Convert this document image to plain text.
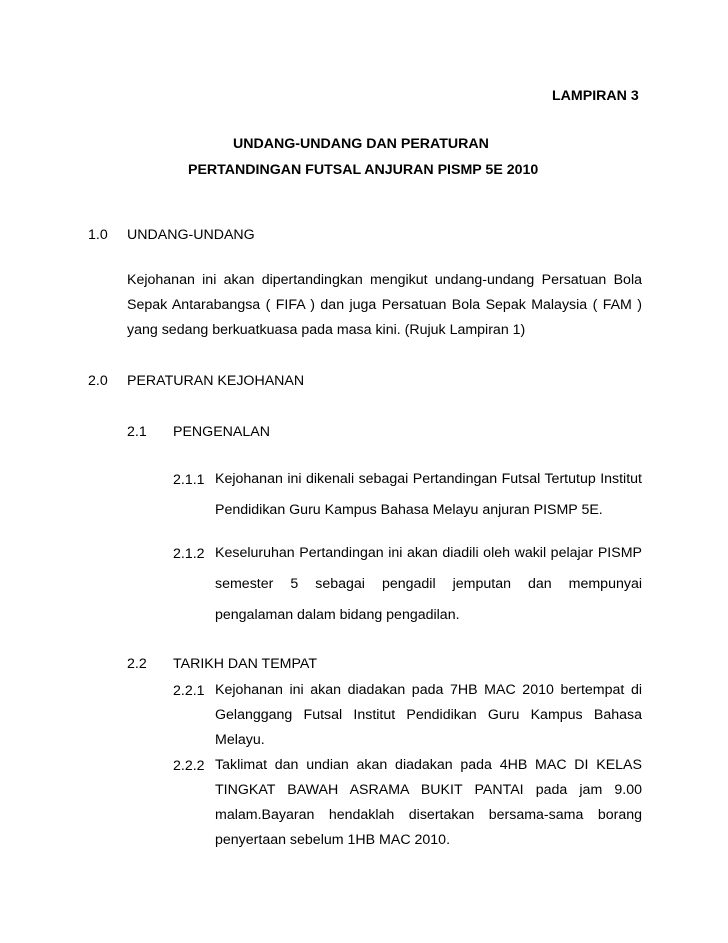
LAMPIRAN 3
UNDANG-UNDANG DAN PERATURAN
PERTANDINGAN FUTSAL ANJURAN PISMP 5E 2010
1.0 UNDANG-UNDANG
Kejohanan ini akan dipertandingkan mengikut undang-undang Persatuan Bola
Sepak Antarabangsa ( FIFA ) dan juga Persatuan Bola Sepak Malaysia ( FAM )
yang sedang berkuatkuasa pada masa kini. (Rujuk Lampiran 1)
2.0 PERATURAN KEJOHANAN
2.1 PENGENALAN
2.1.1 Kejohanan ini dikenali sebagai Pertandingan Futsal Tertutup Institut
Pendidikan Guru Kampus Bahasa Melayu anjuran PISMP 5E.
2.1.2 Keseluruhan Pertandingan ini akan diadili oleh wakil pelajar PISMP
semester 5 sebagai pengadil jemputan dan mempunyai
pengalaman dalam bidang pengadilan.
2.2 TARIKH DAN TEMPAT
2.2.1 Kejohanan ini akan diadakan pada 7HB MAC 2010 bertempat di
Gelanggang Futsal Institut Pendidikan Guru Kampus Bahasa
Melayu.
2.2.2 Taklimat dan undian akan diadakan pada 4HB MAC DI KELAS
TINGKAT BAWAH ASRAMA BUKIT PANTAI pada jam 9.00
malam.Bayaran hendaklah disertakan bersama-sama borang
penyertaan sebelum 1HB MAC 2010.
